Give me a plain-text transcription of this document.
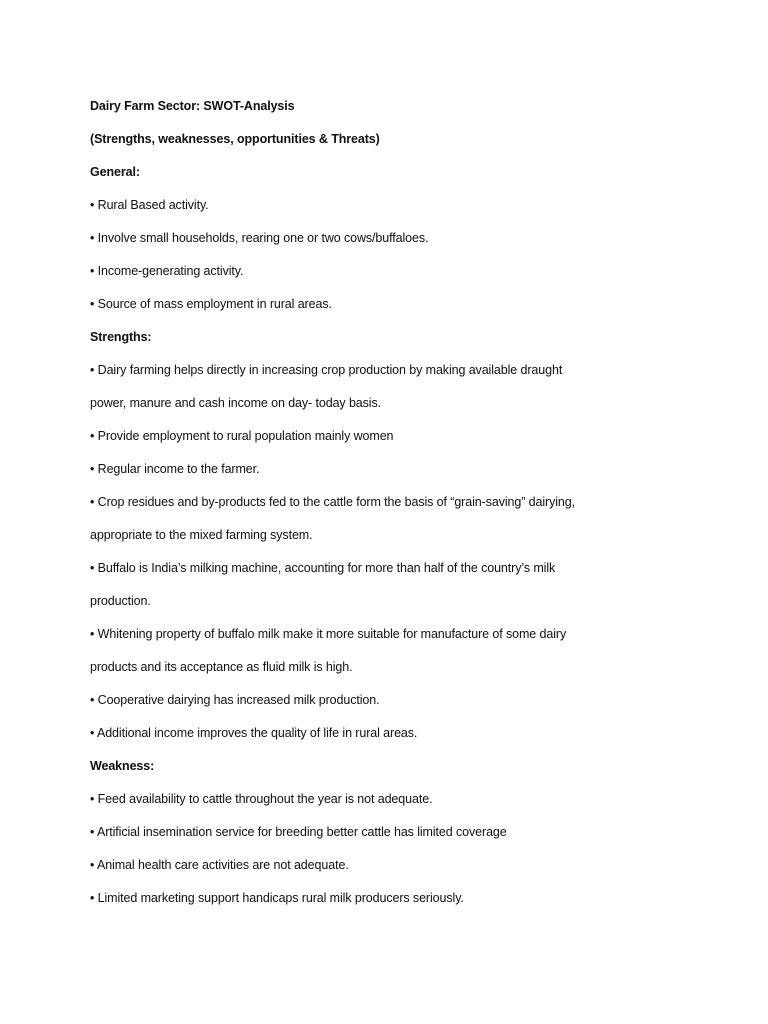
Dairy Farm Sector: SWOT-Analysis
(Strengths, weaknesses, opportunities & Threats)
General:
• Rural Based activity.
• Involve small households, rearing one or two cows/buffaloes.
• Income-generating activity.
• Source of mass employment in rural areas.
Strengths:
• Dairy farming helps directly in increasing crop production by making available draught
power, manure and cash income on day- today basis.
• Provide employment to rural population mainly women
• Regular income to the farmer.
• Crop residues and by-products fed to the cattle form the basis of “grain-saving” dairying,
appropriate to the mixed farming system.
• Buffalo is India’s milking machine, accounting for more than half of the country’s milk
production.
• Whitening property of buffalo milk make it more suitable for manufacture of some dairy
products and its acceptance as fluid milk is high.
• Cooperative dairying has increased milk production.
• Additional income improves the quality of life in rural areas.
Weakness:
• Feed availability to cattle throughout the year is not adequate.
• Artificial insemination service for breeding better cattle has limited coverage
• Animal health care activities are not adequate.
• Limited marketing support handicaps rural milk producers seriously.
